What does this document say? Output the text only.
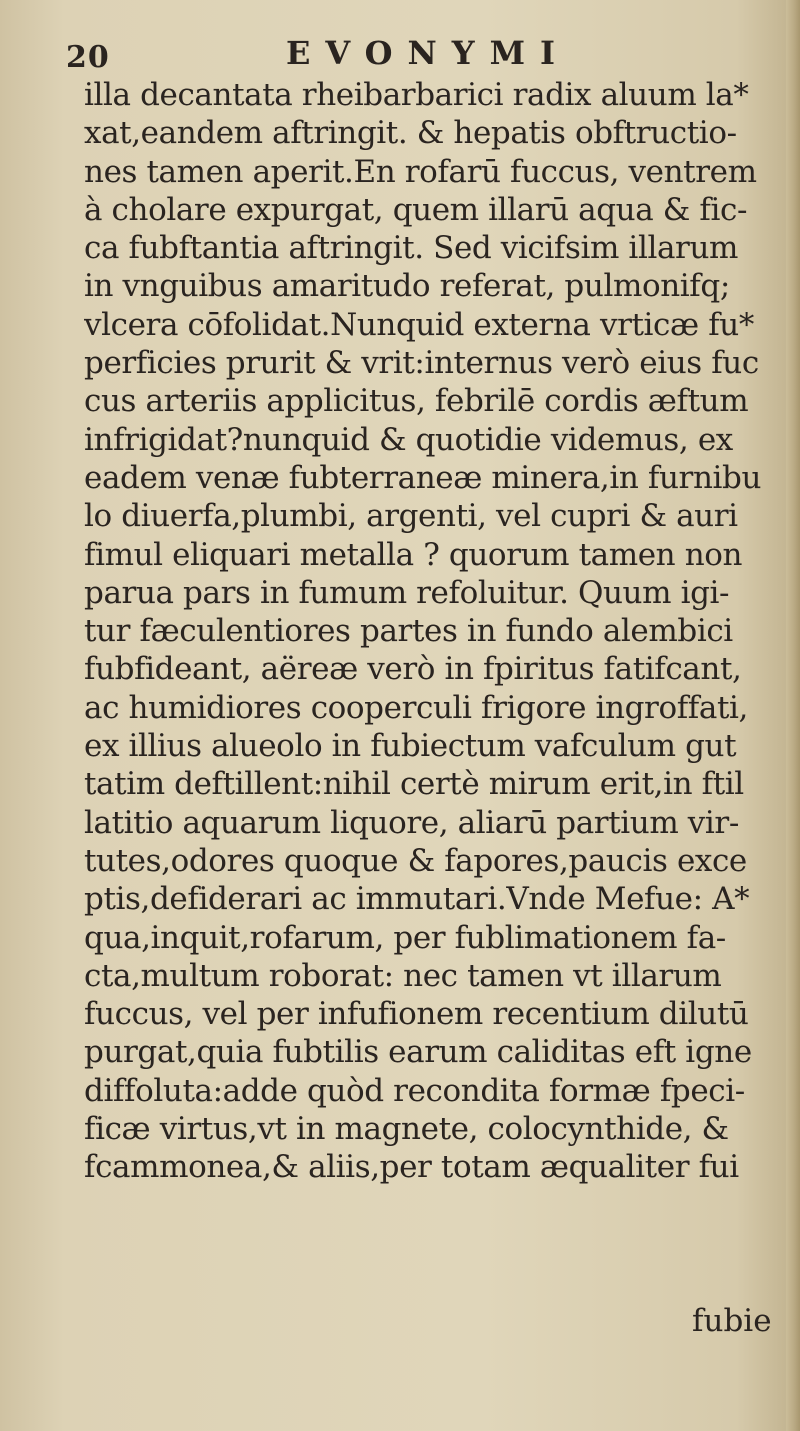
20	EVONYMI
illa decantata rheibarbarici radix aluum la*
xat,eandem aftringit. & hepatis obftructio-
nes tamen aperit.En rofarū fuccus, ventrem
à cholare expurgat, quem illarū aqua & fic-
ca fubftantia aftringit. Sed vicifsim illarum
in vnguibus amaritudo referat, pulmonifq;
vlcera cōfolidat.Nunquid externa vrticæ fu*
perficies prurit & vrit:internus verò eius fuc
cus arteriis applicitus, febrilē cordis æftum
infrigidat?nunquid & quotidie videmus, ex
eadem venæ fubterraneæ minera,in furnibu
lo diuerfa,plumbi, argenti, vel cupri & auri
fimul eliquari metalla ? quorum tamen non
parua pars in fumum refoluitur. Quum igi-
tur fæculentiores partes in fundo alembici
fubfideant, aëreæ verò in fpiritus fatifcant,
ac humidiores cooperculi frigore ingroffati,
ex illius alueolo in fubiectum vafculum gut
tatim deftillent:nihil certè mirum erit,in ftil
latitio aquarum liquore, aliarū partium vir-
tutes,odores quoque & fapores,paucis exce
ptis,defiderari ac immutari.Vnde Mefue: A*
qua,inquit,rofarum, per fublimationem fa-
cta,multum roborat: nec tamen vt illarum
fuccus, vel per infufionem recentium dilutū
purgat,quia fubtilis earum caliditas eft igne
diffoluta:adde quòd recondita formæ fpeci-
ficæ virtus,vt in magnete, colocynthide, &
fcammonea,& aliis,per totam æqualiter fui
fubie
